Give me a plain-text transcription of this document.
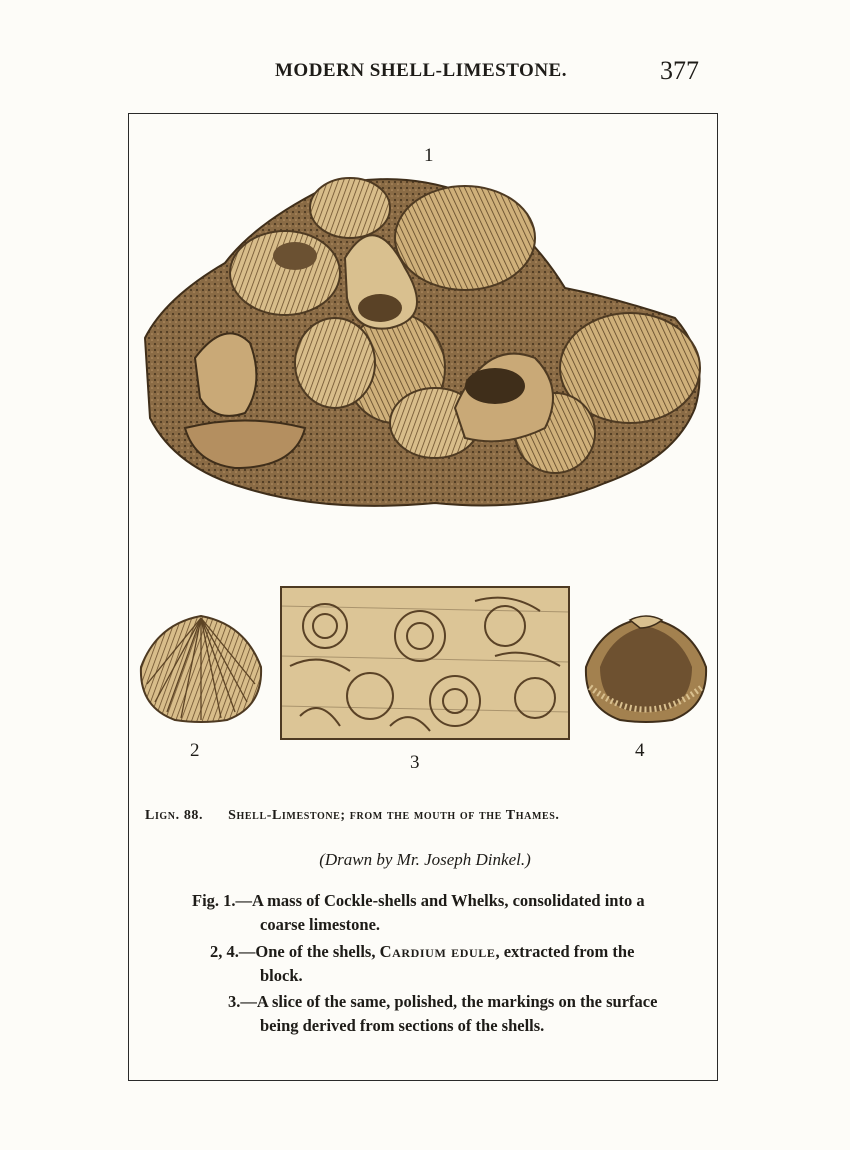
MODERN SHELL-LIMESTONE.	377
1
2
3
4
Lign. 88. Shell-Limestone; from the mouth of the Thames.
(Drawn by Mr. Joseph Dinkel.)
Fig. 1.—A mass of Cockle-shells and Whelks, consolidated into a
coarse limestone.
2, 4.—One of the shells, Cardium edule, extracted from the
block.
3.—A slice of the same, polished, the markings on the surface
being derived from sections of the shells.
